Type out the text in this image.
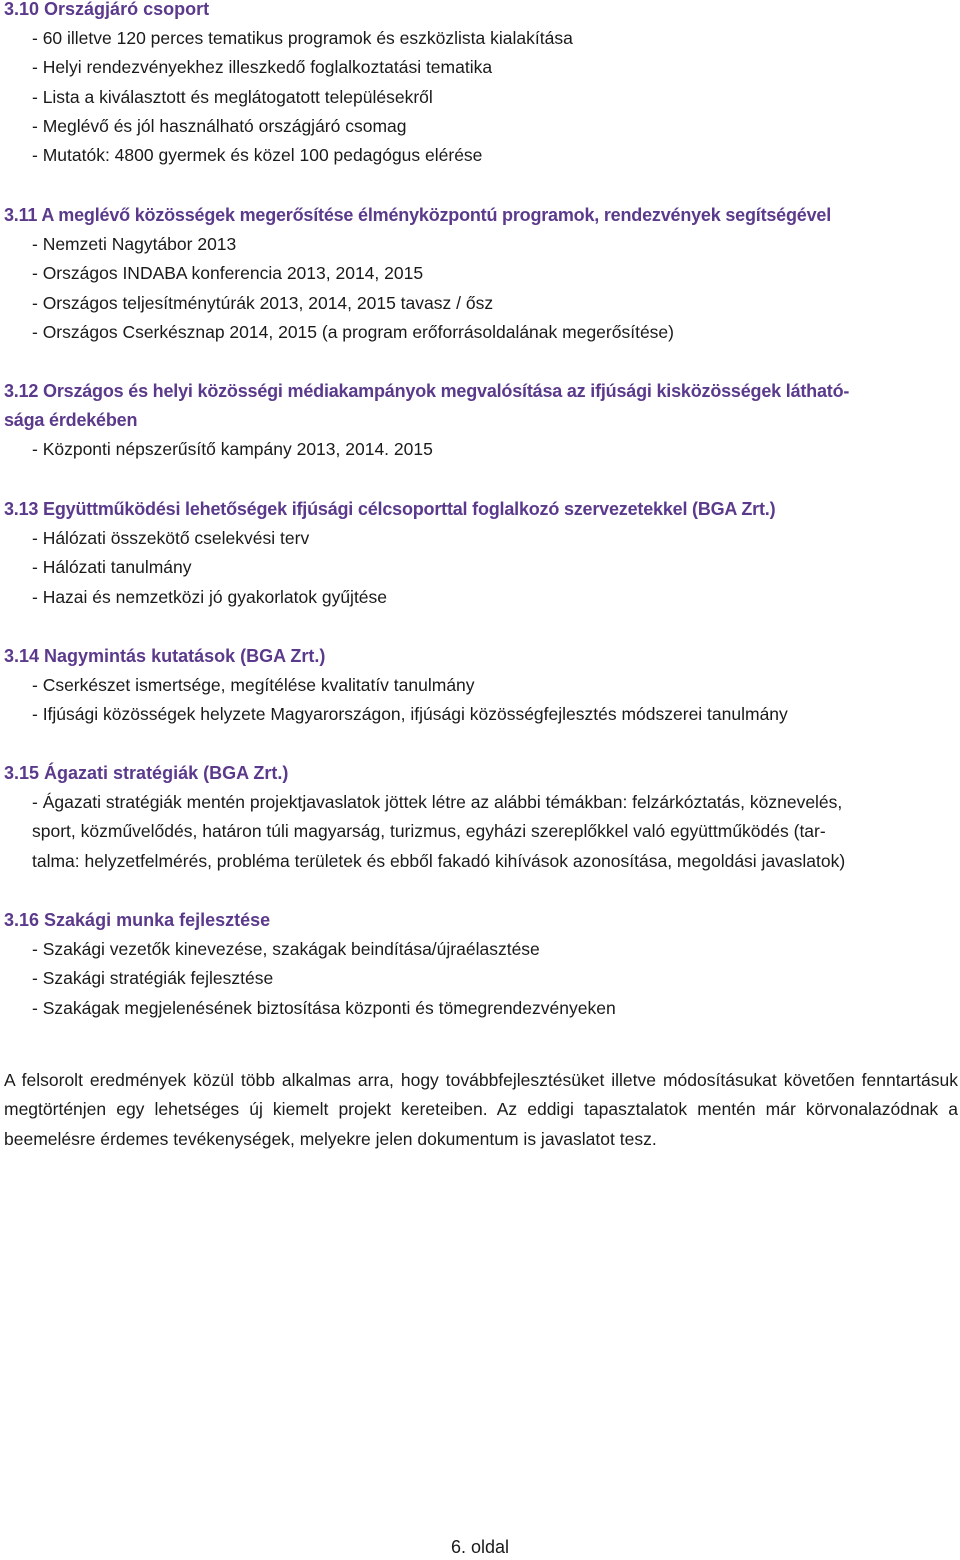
3.10 Országjáró csoport

- 60 illetve 120 perces tematikus programok és eszközlista kialakítása
- Helyi rendezvényekhez illeszkedő foglalkoztatási tematika
- Lista a kiválasztott és meglátogatott településekről
- Meglévő és jól használható országjáró csomag
- Mutatók: 4800 gyermek és közel 100 pedagógus elérése

3.11 A meglévő közösségek megerősítése élményközpontú programok, rendezvények segítségével

- Nemzeti Nagytábor 2013
- Országos INDABA konferencia 2013, 2014, 2015
- Országos teljesítménytúrák 2013, 2014, 2015 tavasz / ősz
- Országos Cserkésznap 2014, 2015 (a program erőforrásoldalának megerősítése)

3.12 Országos és helyi közösségi médiakampányok megvalósítása az ifjúsági kisközösségek látható-
sága érdekében

- Központi népszerűsítő kampány 2013, 2014. 2015

3.13 Együttműködési lehetőségek ifjúsági célcsoporttal foglalkozó szervezetekkel (BGA Zrt.)

- Hálózati összekötő cselekvési terv
- Hálózati tanulmány
- Hazai és nemzetközi jó gyakorlatok gyűjtése

3.14 Nagymintás kutatások (BGA Zrt.)

- Cserkészet ismertsége, megítélése kvalitatív tanulmány
- Ifjúsági közösségek helyzete Magyarországon, ifjúsági közösségfejlesztés módszerei tanulmány

3.15 Ágazati stratégiák (BGA Zrt.)

- Ágazati stratégiák mentén projektjavaslatok jöttek létre az alábbi témákban: felzárkóztatás, köznevelés,
sport, közművelődés, határon túli magyarság, turizmus, egyházi szereplőkkel való együttműködés (tar-
talma: helyzetfelmérés, probléma területek és ebből fakadó kihívások azonosítása, megoldási javaslatok)

3.16 Szakági munka fejlesztése

- Szakági vezetők kinevezése, szakágak beindítása/újraélasztése
- Szakági stratégiák fejlesztése
- Szakágak megjelenésének biztosítása központi és tömegrendezvényeken

A felsorolt eredmények közül több alkalmas arra, hogy továbbfejlesztésüket illetve módosításukat követően fenntartásuk megtörténjen egy lehetséges új kiemelt projekt kereteiben. Az eddigi tapasztalatok mentén már körvonalazódnak a beemelésre érdemes tevékenységek, melyekre jelen dokumentum is javaslatot tesz.

6. oldal
